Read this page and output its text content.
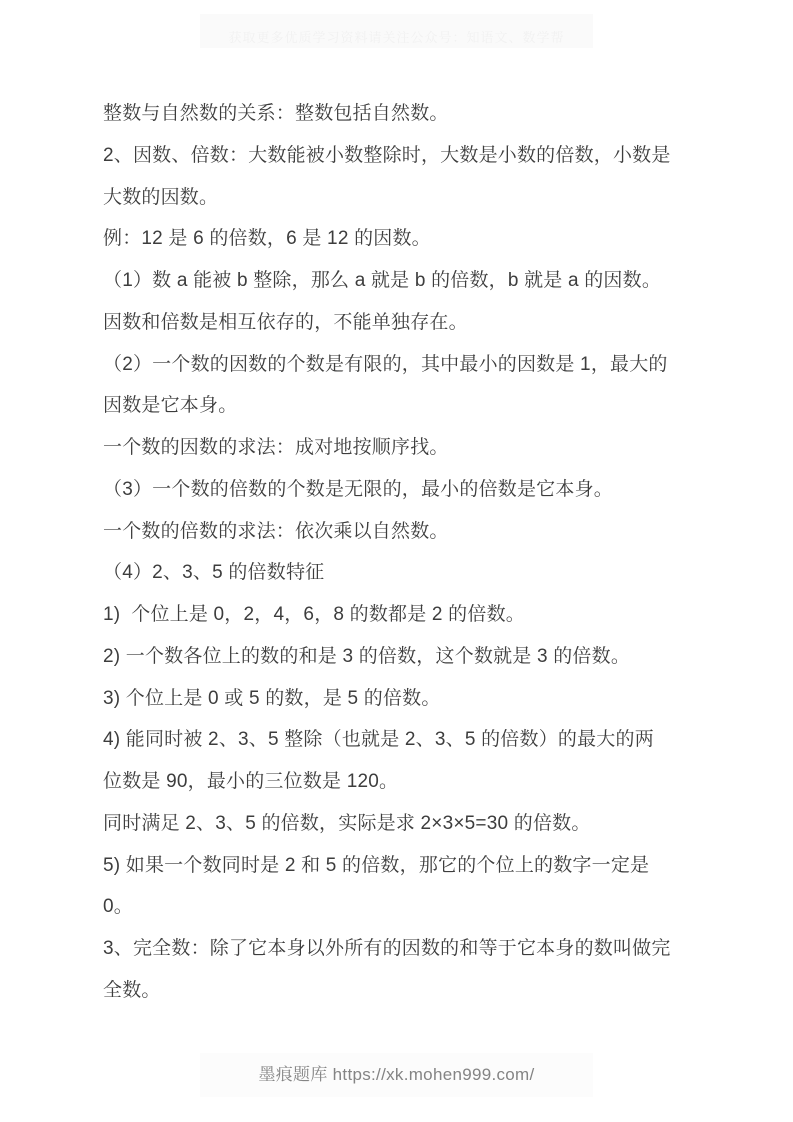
获取更多优质学习资料请关注公众号：知语文、数学帮
整数与自然数的关系：整数包括自然数。
2、因数、倍数：大数能被小数整除时，大数是小数的倍数，小数是
大数的因数。
例：12 是 6 的倍数，6 是 12 的因数。
（1）数 a 能被 b 整除，那么 a 就是 b 的倍数，b 就是 a 的因数。
因数和倍数是相互依存的，不能单独存在。
（2）一个数的因数的个数是有限的，其中最小的因数是 1，最大的
因数是它本身。
一个数的因数的求法：成对地按顺序找。
（3）一个数的倍数的个数是无限的，最小的倍数是它本身。
一个数的倍数的求法：依次乘以自然数。
（4）2、3、5 的倍数特征
1)  个位上是 0，2，4，6，8 的数都是 2 的倍数。
2) 一个数各位上的数的和是 3 的倍数，这个数就是 3 的倍数。
3) 个位上是 0 或 5 的数，是 5 的倍数。
4) 能同时被 2、3、5 整除（也就是 2、3、5 的倍数）的最大的两
位数是 90，最小的三位数是 120。
同时满足 2、3、5 的倍数，实际是求 2×3×5=30 的倍数。
5) 如果一个数同时是 2 和 5 的倍数，那它的个位上的数字一定是
0。
3、完全数：除了它本身以外所有的因数的和等于它本身的数叫做完
全数。
墨痕题库 https://xk.mohen999.com/
